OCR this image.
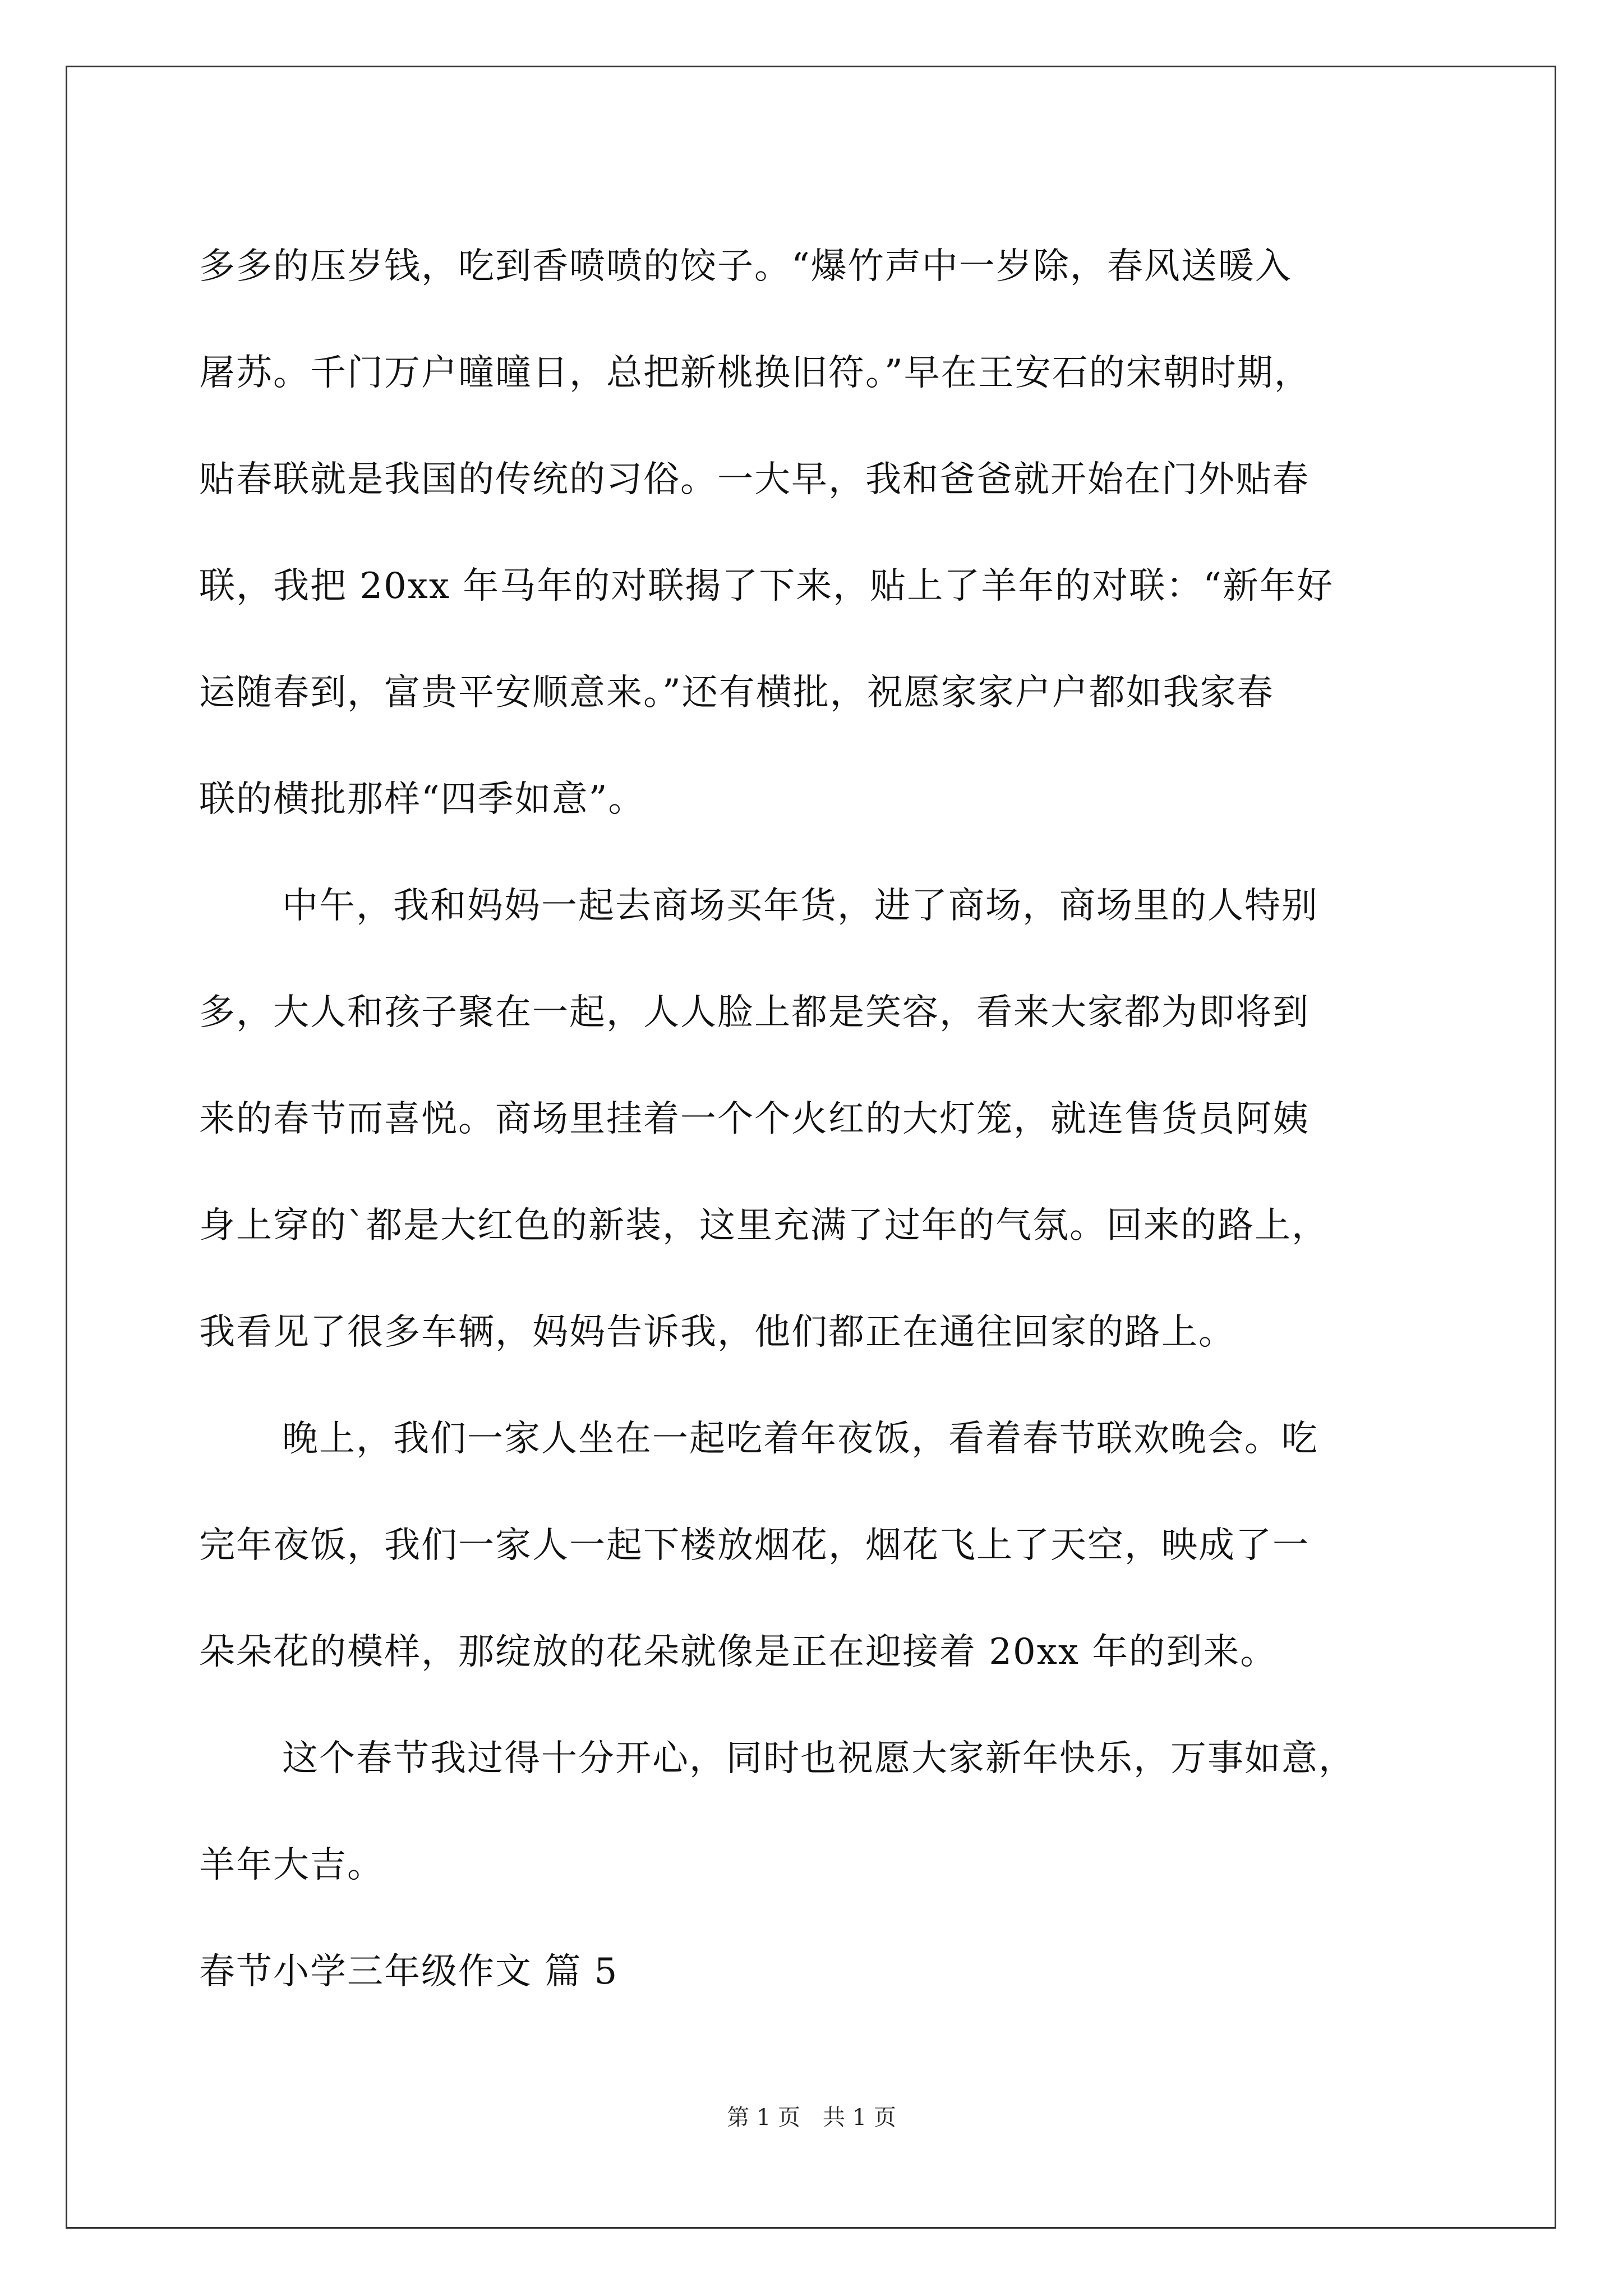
多多的压岁钱，吃到香喷喷的饺子。“爆竹声中一岁除，春风送暖入
屠苏。千门万户曈曈日，总把新桃换旧符。”早在王安石的宋朝时期，
贴春联就是我国的传统的习俗。一大早，我和爸爸就开始在门外贴春
联，我把 20xx 年马年的对联揭了下来，贴上了羊年的对联：“新年好
运随春到，富贵平安顺意来。”还有横批，祝愿家家户户都如我家春
联的横批那样“四季如意”。
中午，我和妈妈一起去商场买年货，进了商场，商场里的人特别
多，大人和孩子聚在一起，人人脸上都是笑容，看来大家都为即将到
来的春节而喜悦。商场里挂着一个个火红的大灯笼，就连售货员阿姨
身上穿的`都是大红色的新装，这里充满了过年的气氛。回来的路上，
我看见了很多车辆，妈妈告诉我，他们都正在通往回家的路上。
晚上，我们一家人坐在一起吃着年夜饭，看着春节联欢晚会。吃
完年夜饭，我们一家人一起下楼放烟花，烟花飞上了天空，映成了一
朵朵花的模样，那绽放的花朵就像是正在迎接着 20xx 年的到来。
这个春节我过得十分开心，同时也祝愿大家新年快乐，万事如意，
羊年大吉。
春节小学三年级作文 篇 5
第 1 页　共 1 页
